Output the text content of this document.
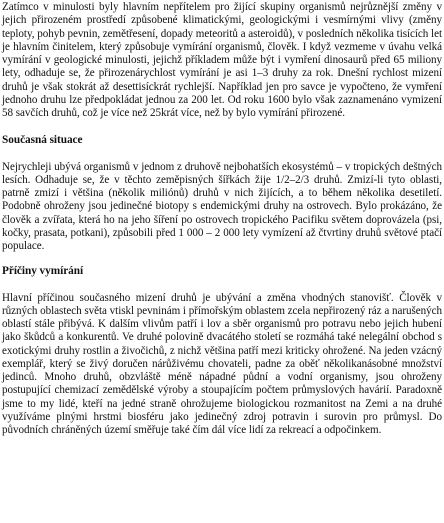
Zatímco v minulosti byly hlavním nepřítelem pro žijící skupiny organismů nejrůznější změny v jejich přirozeném prostředí způsobené klimatickými, geologickými i vesmírnými vlivy (změny teploty, pohyb pevnin, zemětřesení, dopady meteoritů a asteroidů), v posledních několika tisících let je hlavním činitelem, který způsobuje vymírání organismů, člověk. I když vezmeme v úvahu velká vymírání v geologické minulosti, jejichž příkladem může být i vymření dinosaurů před 65 miliony lety, odhaduje se, že přirozenárychlost vymírání je asi 1–3 druhy za rok. Dnešní rychlost mizení druhů je však stokrát až desettisíckrát rychlejší. Například jen pro savce je vypočteno, že vymření jednoho druhu lze předpokládat jednou za 200 let. Od roku 1600 bylo však zaznamenáno vymizení 58 savčích druhů, což je více než 25krát více, než by bylo vymírání přirozené.

Současná situace

Nejrychleji ubývá organismů v jednom z druhově nejbohatších ekosystémů – v tropických deštných lesích. Odhaduje se, že v těchto zeměpisných šířkách žije 1/2–2/3 druhů. Zmizí-li tyto oblasti, patrně zmizí i většina (několik miliónů) druhů v nich žijících, a to během několika desetiletí. Podobně ohroženy jsou jedinečné biotopy s endemickými druhy na ostrovech. Bylo prokázáno, že člověk a zvířata, která ho na jeho šíření po ostrovech tropického Pacifiku světem doprovázela (psi, kočky, prasata, potkani), způsobili před 1 000 – 2 000 lety vymízení až čtvrtiny druhů světové ptačí populace.

Příčiny vymírání

Hlavní příčinou současného mizení druhů je ubývání a změna vhodných stanovišť. Člověk v různých oblastech světa vtiskl pevninám i přímořským oblastem zcela nepřirozený ráz a narušených oblastí stále přibývá. K dalším vlivům patří i lov a sběr organismů pro potravu nebo jejich hubení jako škůdců a konkurentů. Ve druhé polovině dvacátého století se rozmáhá také nelegální obchod s exotickými druhy rostlin a živočichů, z nichž většina patří mezi kriticky ohrožené. Na jeden vzácný exemplář, který se živý doručen nárůživému chovateli, padne za oběť několikanásobné množství jedinců. Mnoho druhů, obzvláště méně nápadné půdní a vodní organismy, jsou ohroženy postupující chemizací zemědělské výroby a stoupajícím počtem průmyslových havárií. Paradoxně jsme to my lidé, kteří na jedné straně ohrožujeme biologickou rozmanitost na Zemi a na druhé využíváme plnými hrstmi biosféru jako jedinečný zdroj potravin i surovin pro průmysl. Do původních chráněných území směřuje také čím dál více lidí za rekreací a odpočinkem.
